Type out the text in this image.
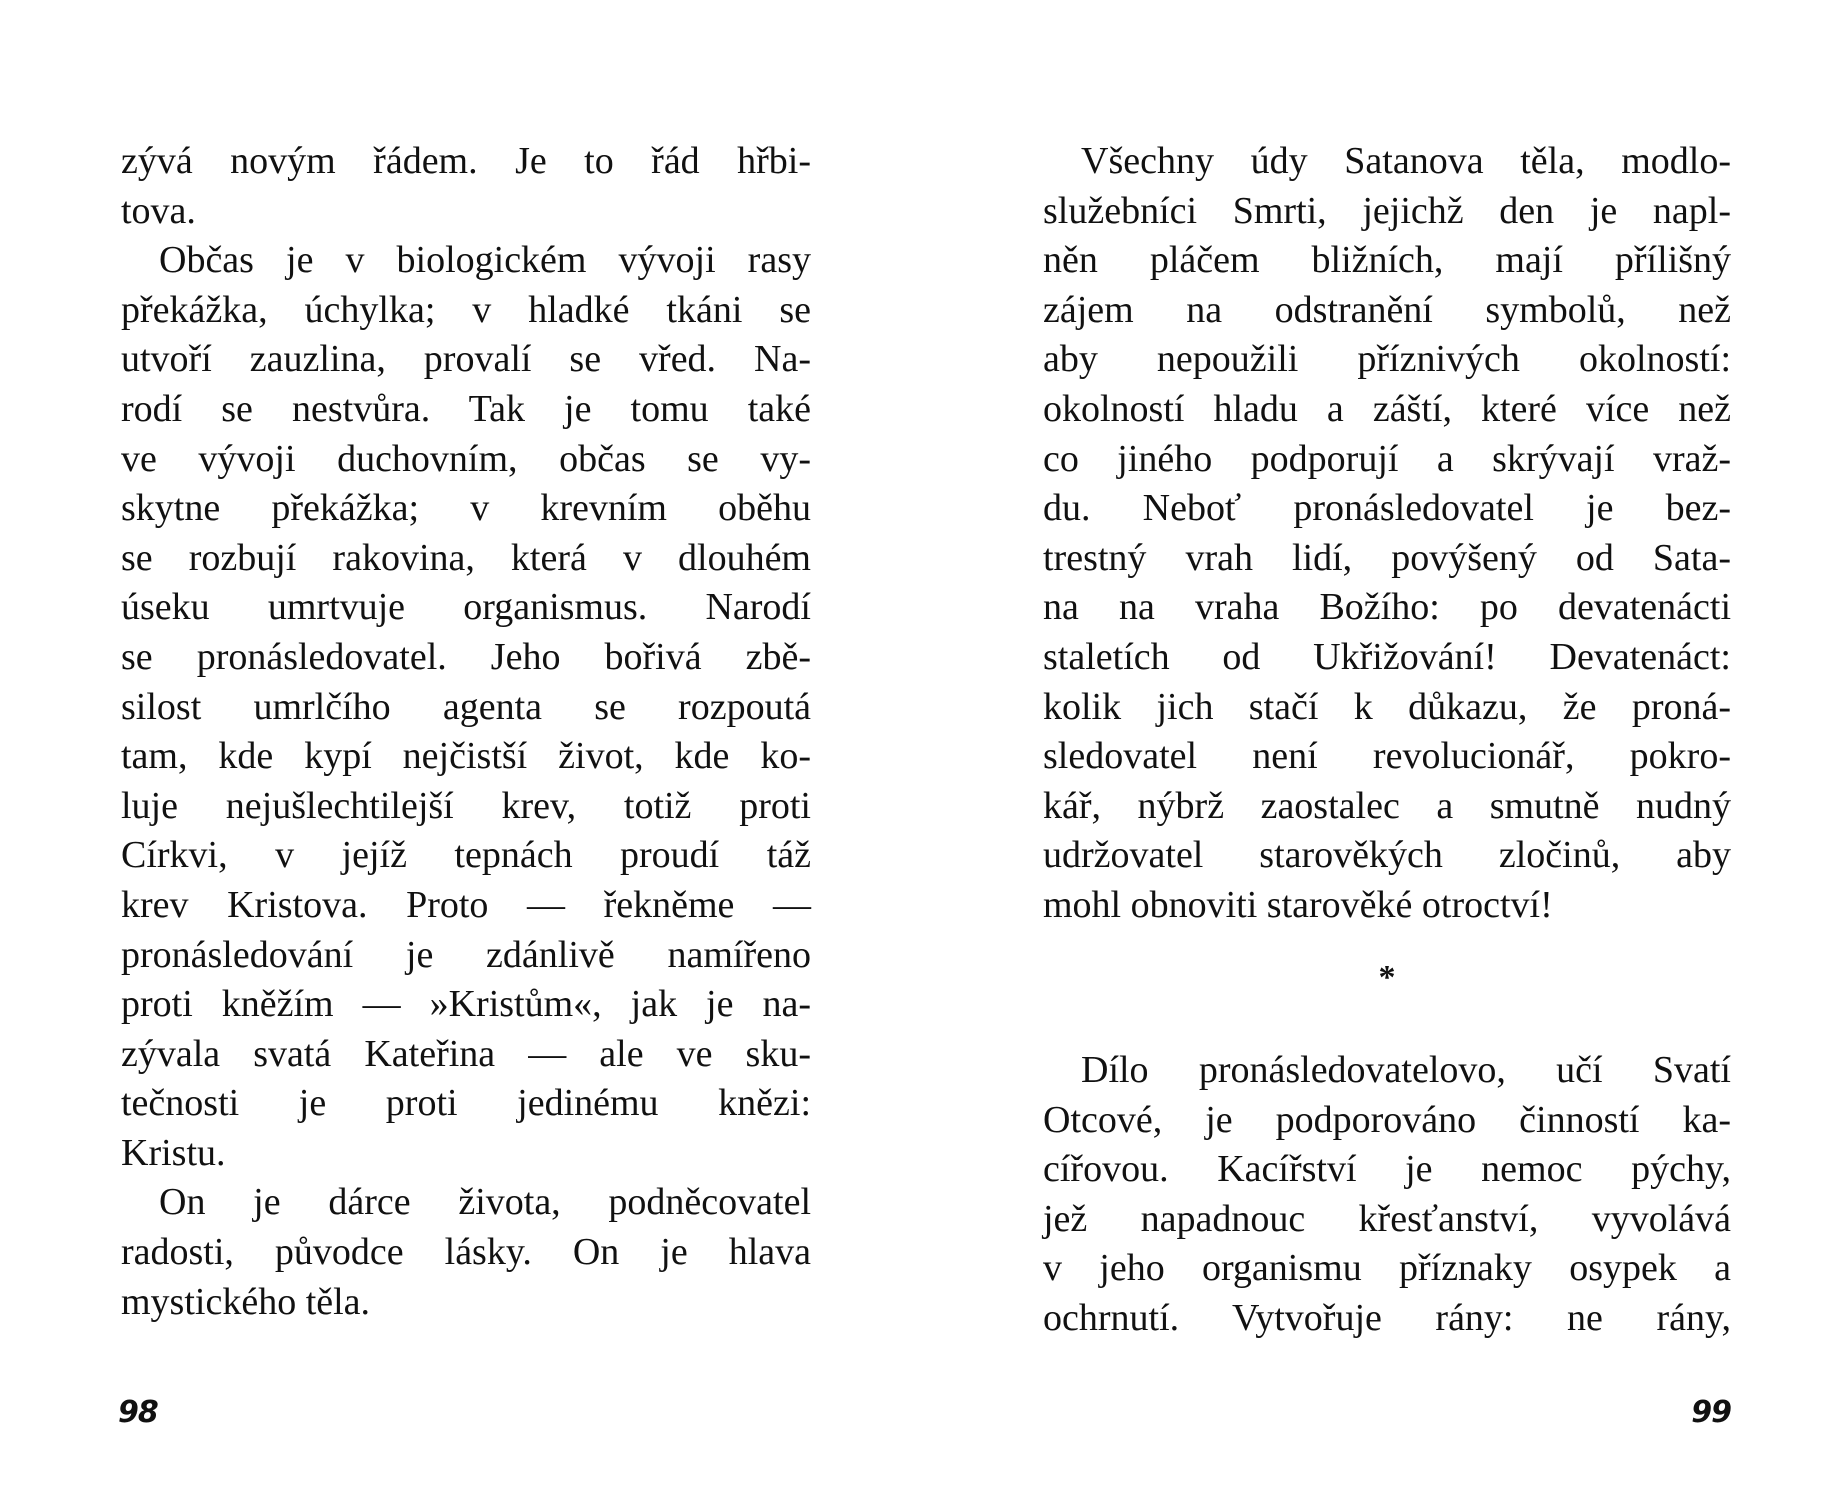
zývá novým řádem. Je to řád hřbi-
tova.
Občas je v biologickém vývoji rasy
překážka, úchylka; v hladké tkáni se
utvoří zauzlina, provalí se vřed. Na-
rodí se nestvůra. Tak je tomu také
ve vývoji duchovním, občas se vy-
skytne překážka; v krevním oběhu
se rozbují rakovina, která v dlouhém
úseku umrtvuje organismus. Narodí
se pronásledovatel. Jeho bořivá zbě-
silost umrlčího agenta se rozpoutá
tam, kde kypí nejčistší život, kde ko-
luje nejušlechtilejší krev, totiž proti
Církvi, v jejíž tepnách proudí táž
krev Kristova. Proto — řekněme —
pronásledování je zdánlivě namířeno
proti kněžím — »Kristům«, jak je na-
zývala svatá Kateřina — ale ve sku-
tečnosti je proti jedinému knězi:
Kristu.
On je dárce života, podněcovatel
radosti, původce lásky. On je hlava
mystického těla.
98
Všechny údy Satanova těla, modlo-
služebníci Smrti, jejichž den je napl-
něn pláčem bližních, mají přílišný
zájem na odstranění symbolů, než
aby nepoužili příznivých okolností:
okolností hladu a záští, které více než
co jiného podporují a skrývají vraž-
du. Neboť pronásledovatel je bez-
trestný vrah lidí, povýšený od Sata-
na na vraha Božího: po devatenácti
staletích od Ukřižování! Devatenáct:
kolik jich stačí k důkazu, že proná-
sledovatel není revolucionář, pokro-
kář, nýbrž zaostalec a smutně nudný
udržovatel starověkých zločinů, aby
mohl obnoviti starověké otroctví!
*
Dílo pronásledovatelovo, učí Svatí
Otcové, je podporováno činností ka-
cířovou. Kacířství je nemoc pýchy,
jež napadnouc křesťanství, vyvolává
v jeho organismu příznaky osypek a
ochrnutí. Vytvořuje rány: ne rány,
99
